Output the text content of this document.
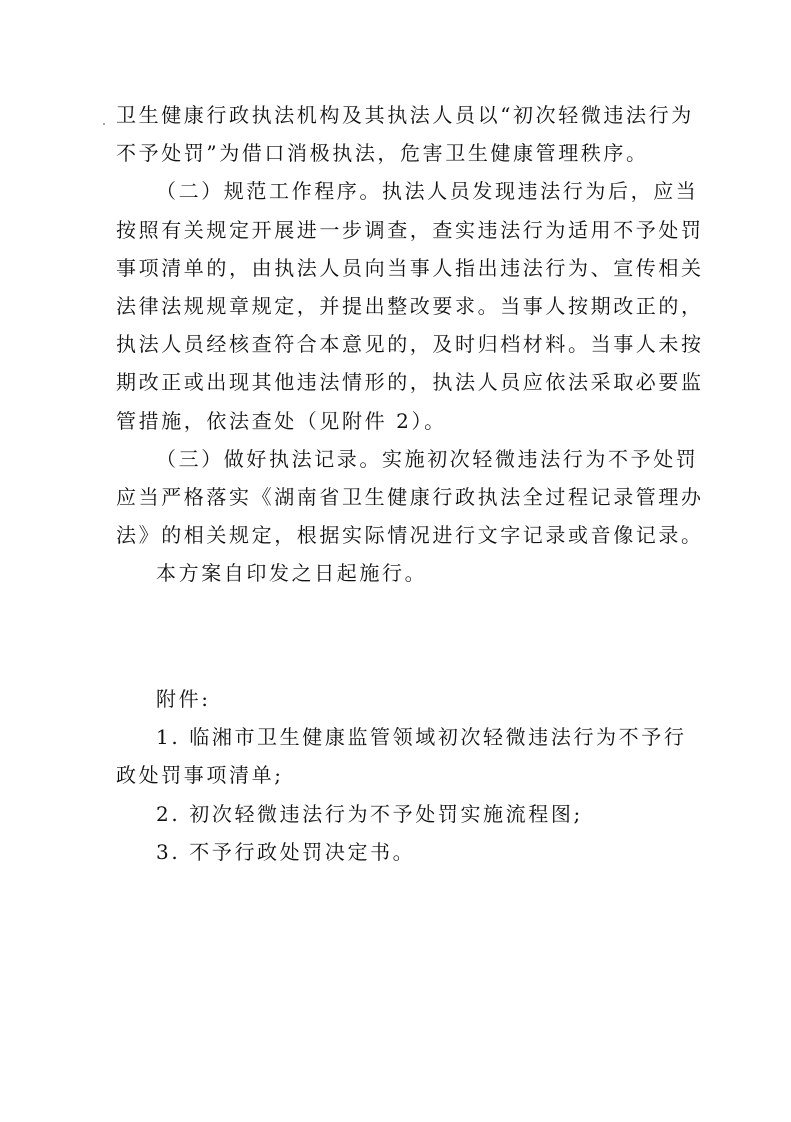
卫生健康行政执法机构及其执法人员以“初次轻微违法行为
不予处罚”为借口消极执法，危害卫生健康管理秩序。
（二）规范工作程序。执法人员发现违法行为后，应当
按照有关规定开展进一步调查，查实违法行为适用不予处罚
事项清单的，由执法人员向当事人指出违法行为、宣传相关
法律法规规章规定，并提出整改要求。当事人按期改正的，
执法人员经核查符合本意见的，及时归档材料。当事人未按
期改正或出现其他违法情形的，执法人员应依法采取必要监
管措施，依法查处（见附件 2）。
（三）做好执法记录。实施初次轻微违法行为不予处罚
应当严格落实《湖南省卫生健康行政执法全过程记录管理办
法》的相关规定，根据实际情况进行文字记录或音像记录。
本方案自印发之日起施行。
附件:
1. 临湘市卫生健康监管领域初次轻微违法行为不予行
政处罚事项清单;
2. 初次轻微违法行为不予处罚实施流程图;
3. 不予行政处罚决定书。
